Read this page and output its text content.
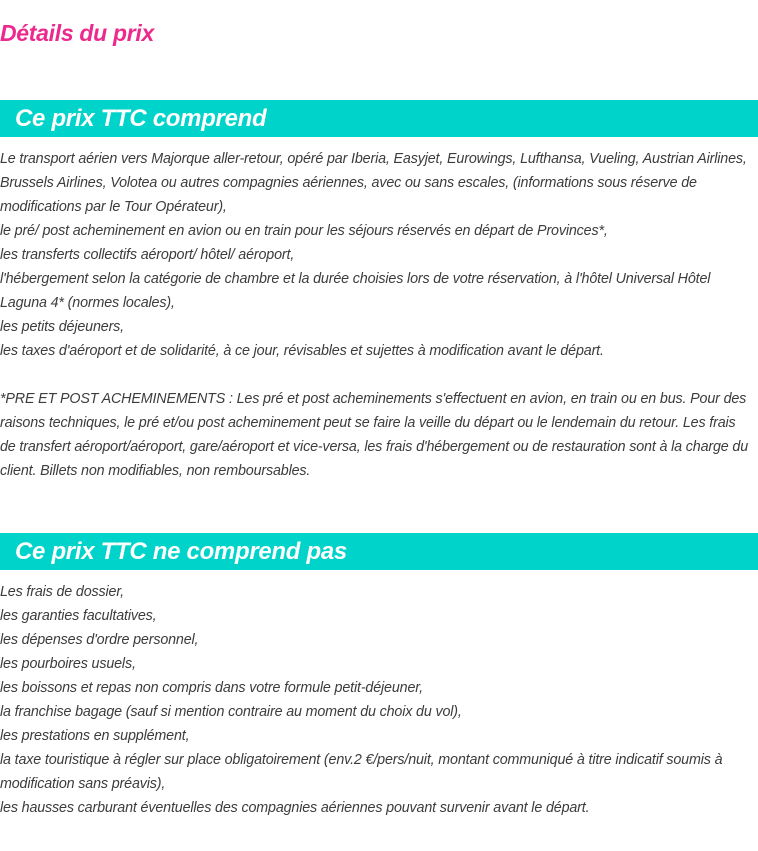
Détails du prix
Ce prix TTC comprend
Le transport aérien vers Majorque aller-retour, opéré par Iberia, Easyjet, Eurowings, Lufthansa, Vueling, Austrian Airlines, Brussels Airlines, Volotea ou autres compagnies aériennes, avec ou sans escales, (informations sous réserve de modifications par le Tour Opérateur),
le pré/ post acheminement en avion ou en train pour les séjours réservés en départ de Provinces*,
les transferts collectifs aéroport/ hôtel/ aéroport,
l'hébergement selon la catégorie de chambre et la durée choisies lors de votre réservation, à l'hôtel Universal Hôtel Laguna 4* (normes locales),
les petits déjeuners,
les taxes d'aéroport et de solidarité, à ce jour, révisables et sujettes à modification avant le départ.

*PRE ET POST ACHEMINEMENTS : Les pré et post acheminements s'effectuent en avion, en train ou en bus. Pour des raisons techniques, le pré et/ou post acheminement peut se faire la veille du départ ou le lendemain du retour. Les frais de transfert aéroport/aéroport, gare/aéroport et vice-versa, les frais d'hébergement ou de restauration sont à la charge du client. Billets non modifiables, non remboursables.

Ce prix TTC ne comprend pas
Les frais de dossier,
les garanties facultatives,
les dépenses d'ordre personnel,
les pourboires usuels,
les boissons et repas non compris dans votre formule petit-déjeuner,
la franchise bagage (sauf si mention contraire au moment du choix du vol),
les prestations en supplément,
la taxe touristique à régler sur place obligatoirement (env.2 €/pers/nuit, montant communiqué à titre indicatif soumis à modification sans préavis),
les hausses carburant éventuelles des compagnies aériennes pouvant survenir avant le départ.
